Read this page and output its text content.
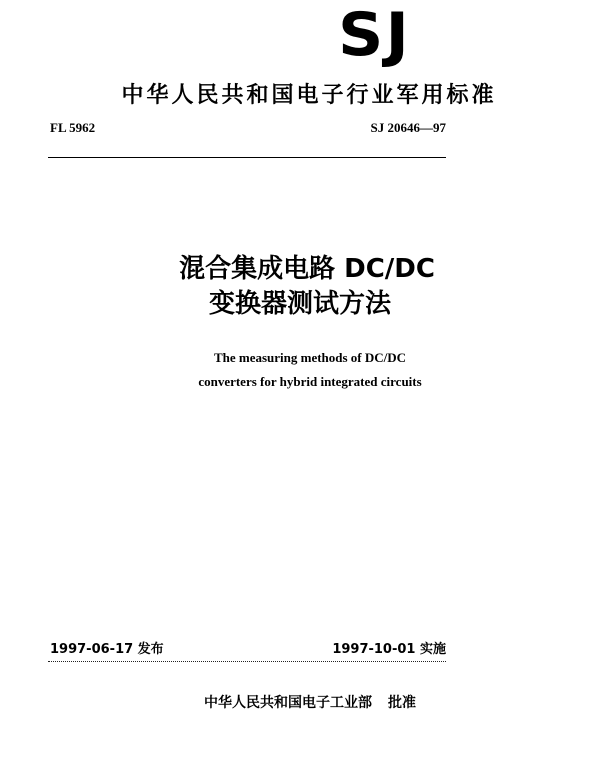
SJ
中华人民共和国电子行业军用标准
FL 5962	SJ 20646—97
混合集成电路 DC/DC
变换器测试方法
The measuring methods of DC/DC
converters for hybrid integrated circuits
1997-06-17 发布	1997-10-01 实施
中华人民共和国电子工业部 批准
